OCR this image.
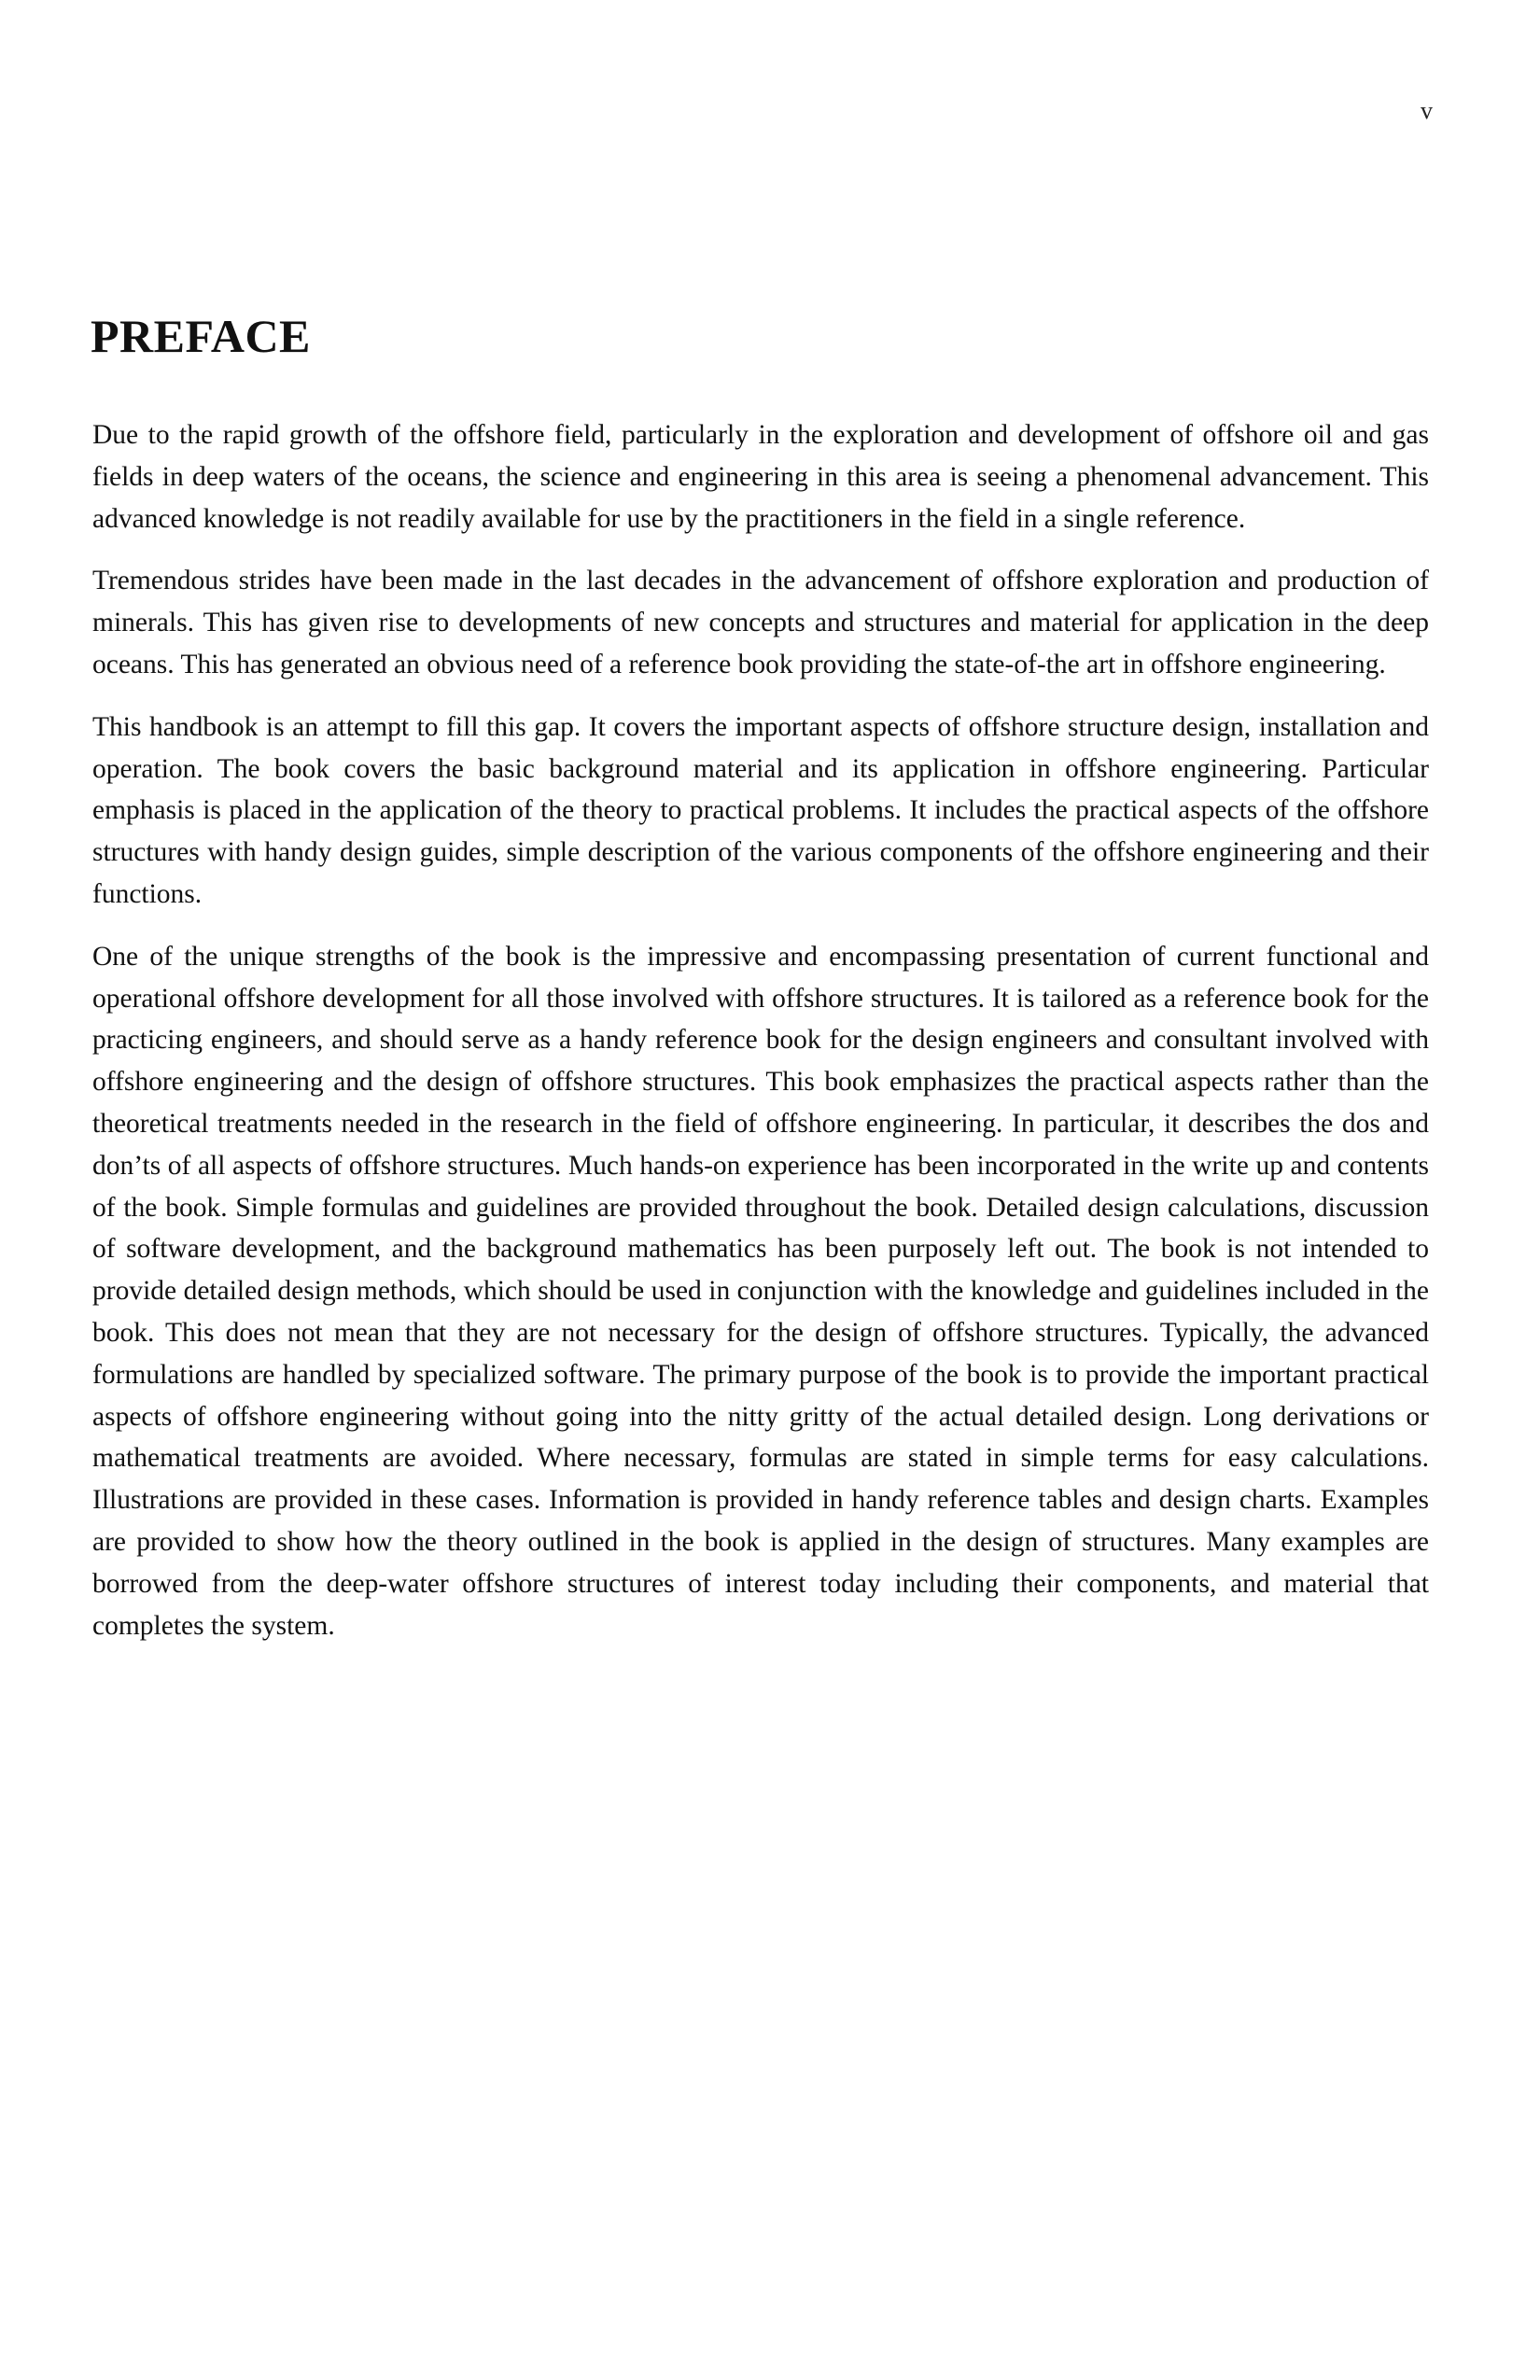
v
PREFACE

Due to the rapid growth of the offshore field, particularly in the exploration and development of offshore oil and gas fields in deep waters of the oceans, the science and engineering in this area is seeing a phenomenal advancement. This advanced knowledge is not readily available for use by the practitioners in the field in a single reference.

Tremendous strides have been made in the last decades in the advancement of offshore exploration and production of minerals. This has given rise to developments of new concepts and structures and material for application in the deep oceans. This has generated an obvious need of a reference book providing the state-of-the art in offshore engineering.

This handbook is an attempt to fill this gap. It covers the important aspects of offshore structure design, installation and operation. The book covers the basic background material and its application in offshore engineering. Particular emphasis is placed in the application of the theory to practical problems. It includes the practical aspects of the offshore structures with handy design guides, simple description of the various components of the offshore engineering and their functions.

One of the unique strengths of the book is the impressive and encompassing presentation of current functional and operational offshore development for all those involved with offshore structures. It is tailored as a reference book for the practicing engineers, and should serve as a handy reference book for the design engineers and consultant involved with offshore engineering and the design of offshore structures. This book emphasizes the practical aspects rather than the theoretical treatments needed in the research in the field of offshore engineering. In particular, it describes the dos and don’ts of all aspects of offshore structures. Much hands-on experience has been incorporated in the write up and contents of the book. Simple formulas and guidelines are provided throughout the book. Detailed design calculations, discussion of software development, and the background mathematics has been purposely left out. The book is not intended to provide detailed design methods, which should be used in conjunction with the knowledge and guidelines included in the book. This does not mean that they are not necessary for the design of offshore structures. Typically, the advanced formulations are handled by specialized software. The primary purpose of the book is to provide the important practical aspects of offshore engineering without going into the nitty gritty of the actual detailed design. Long derivations or mathematical treatments are avoided. Where necessary, formulas are stated in simple terms for easy calculations. Illustrations are provided in these cases. Information is provided in handy reference tables and design charts. Examples are provided to show how the theory outlined in the book is applied in the design of structures. Many examples are borrowed from the deep-water offshore structures of interest today including their components, and material that completes the system.
